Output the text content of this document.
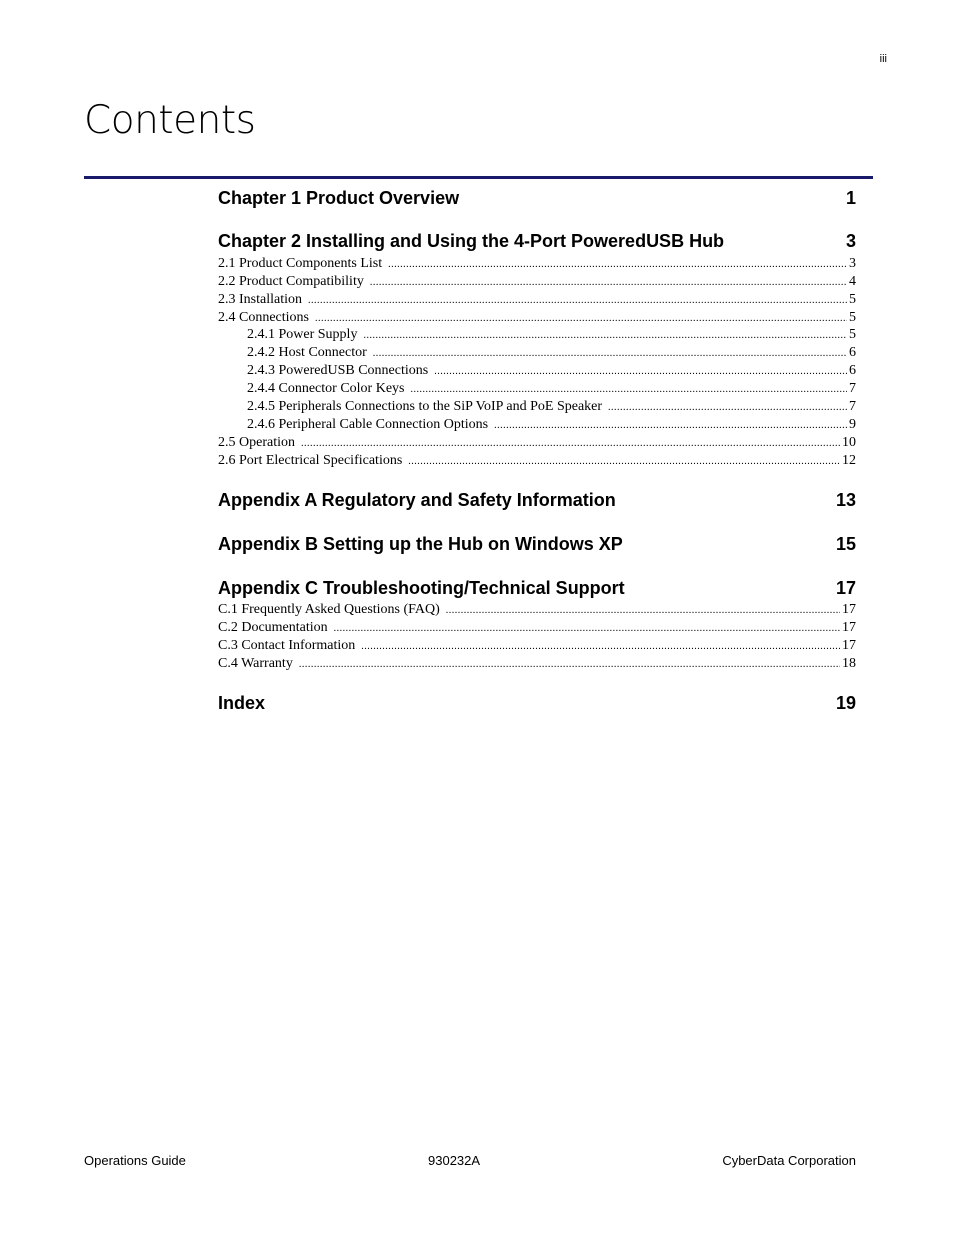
iii
Contents
Chapter 1 Product Overview	1
Chapter 2 Installing and Using the 4-Port PoweredUSB Hub	3
2.1 Product Components List .....	3
2.2 Product Compatibility .....	4
2.3 Installation .....	5
2.4 Connections .....	5
2.4.1 Power Supply .....	5
2.4.2 Host Connector .....	6
2.4.3 PoweredUSB Connections .....	6
2.4.4 Connector Color Keys .....	7
2.4.5 Peripherals Connections to the SiP VoIP and PoE Speaker .....	7
2.4.6 Peripheral Cable Connection Options .....	9
2.5 Operation .....	10
2.6 Port Electrical Specifications .....	12
Appendix A Regulatory and Safety Information	13
Appendix B Setting up the Hub on Windows XP	15
Appendix C Troubleshooting/Technical Support	17
C.1 Frequently Asked Questions (FAQ) .....	17
C.2 Documentation .....	17
C.3 Contact Information .....	17
C.4 Warranty .....	18
Index	19
Operations Guide	930232A	CyberData Corporation
